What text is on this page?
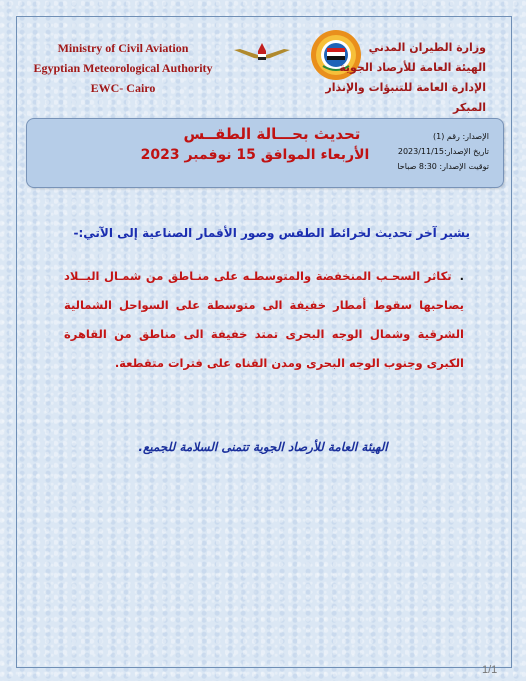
Ministry of Civil Aviation
Egyptian Meteorological Authority
EWC- Cairo
وزارة الطيران المدني
الهيئة العامة للأرصاد الجوية
الإدارة العامة للتنبؤات والإنذار المبكر
تحديث بحـــالة الطقــس
الأربعاء الموافق 15 نوفمبر 2023
الإصدار: رقم (1)
تاريخ الإصدار:2023/11/15
توقيت الإصدار: 8:30 صباحا
يشير آخر تحديث لخرائط الطقس وصور الأقمار الصناعية إلى الآتي:-
.تكاثر السحـب المنخفضة والمتوسطـه على منـاطق من شمـال البــلاد يصاحبها سقوط أمطار خفيفة الى متوسطة على السواحل الشمالية الشرقية وشمال الوجه البحرى تمتد خفيفة الى مناطق من القاهرة الكبرى وجنوب الوجه البحرى ومدن القناه على فترات متقطعة.
الهيئة العامة للأرصاد الجوية تتمنى السلامة للجميع.
1/1
